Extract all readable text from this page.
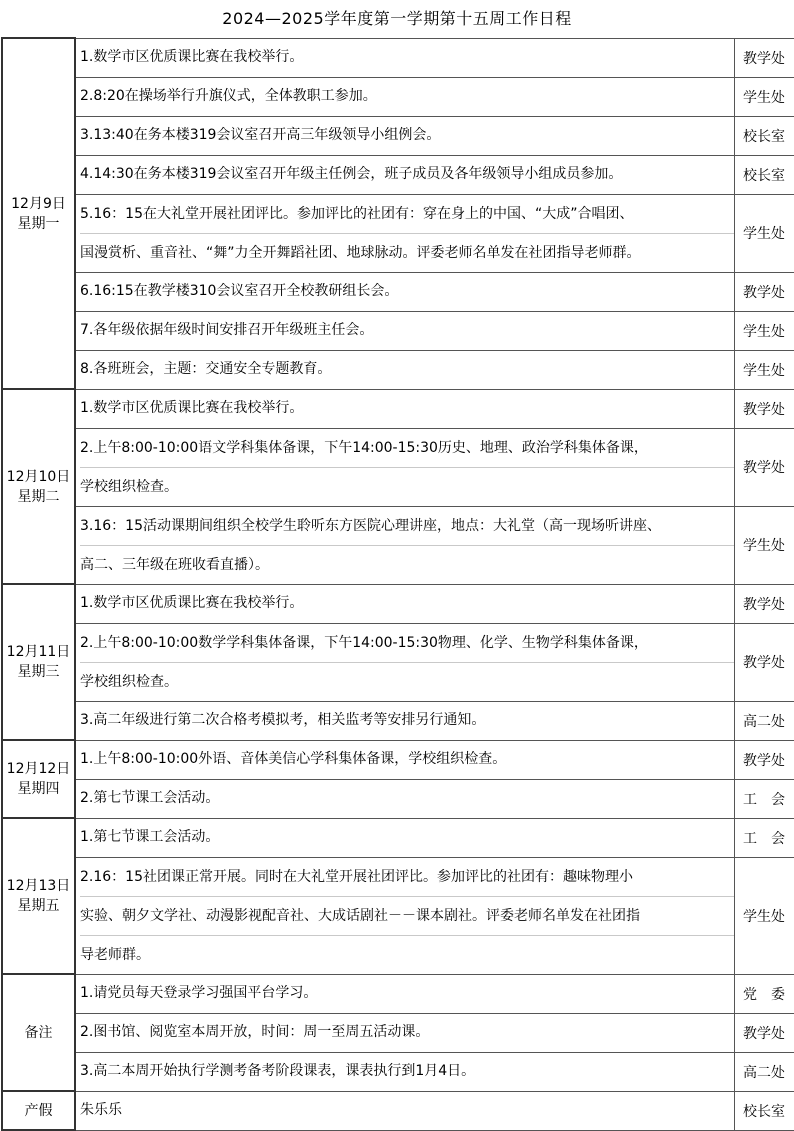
2024—2025学年度第一学期第十五周工作日程
12月9日
星期一	1.数学市区优质课比赛在我校举行。	教学处

	2.8:20在操场举行升旗仪式，全体教职工参加。	学生处

	3.13:40在务本楼319会议室召开高三年级领导小组例会。	校长室

	4.14:30在务本楼319会议室召开年级主任例会，班子成员及各年级领导小组成员参加。	校长室

	5.16：15在大礼堂开展社团评比。参加评比的社团有：穿在身上的中国、“大成”合唱团、
国漫赏析、重音社、“舞”力全开舞蹈社团、地球脉动。评委老师名单发在社团指导老师群。	学生处

	6.16:15在教学楼310会议室召开全校教研组长会。	教学处

	7.各年级依据年级时间安排召开年级班主任会。	学生处

	8.各班班会，主题：交通安全专题教育。	学生处

12月10日
星期二	1.数学市区优质课比赛在我校举行。	教学处

	2.上午8:00-10:00语文学科集体备课，下午14:00-15:30历史、地理、政治学科集体备课，
学校组织检查。	教学处

	3.16：15活动课期间组织全校学生聆听东方医院心理讲座，地点：大礼堂（高一现场听讲座、
高二、三年级在班收看直播）。	学生处

12月11日
星期三	1.数学市区优质课比赛在我校举行。	教学处

	2.上午8:00-10:00数学学科集体备课，下午14:00-15:30物理、化学、生物学科集体备课，
学校组织检查。	教学处

	3.高二年级进行第二次合格考模拟考，相关监考等安排另行通知。	高二处

12月12日
星期四	1.上午8:00-10:00外语、音体美信心学科集体备课，学校组织检查。	教学处

	2.第七节课工会活动。	工　会

12月13日
星期五	1.第七节课工会活动。	工　会

	2.16：15社团课正常开展。同时在大礼堂开展社团评比。参加评比的社团有：趣味物理小
实验、朝夕文学社、动漫影视配音社、大成话剧社－－课本剧社。评委老师名单发在社团指
导老师群。	学生处

备注	1.请党员每天登录学习强国平台学习。	党　委

	2.图书馆、阅览室本周开放，时间：周一至周五活动课。	教学处

	3.高二本周开始执行学测考备考阶段课表，课表执行到1月4日。	高二处

产假	朱乐乐	校长室
